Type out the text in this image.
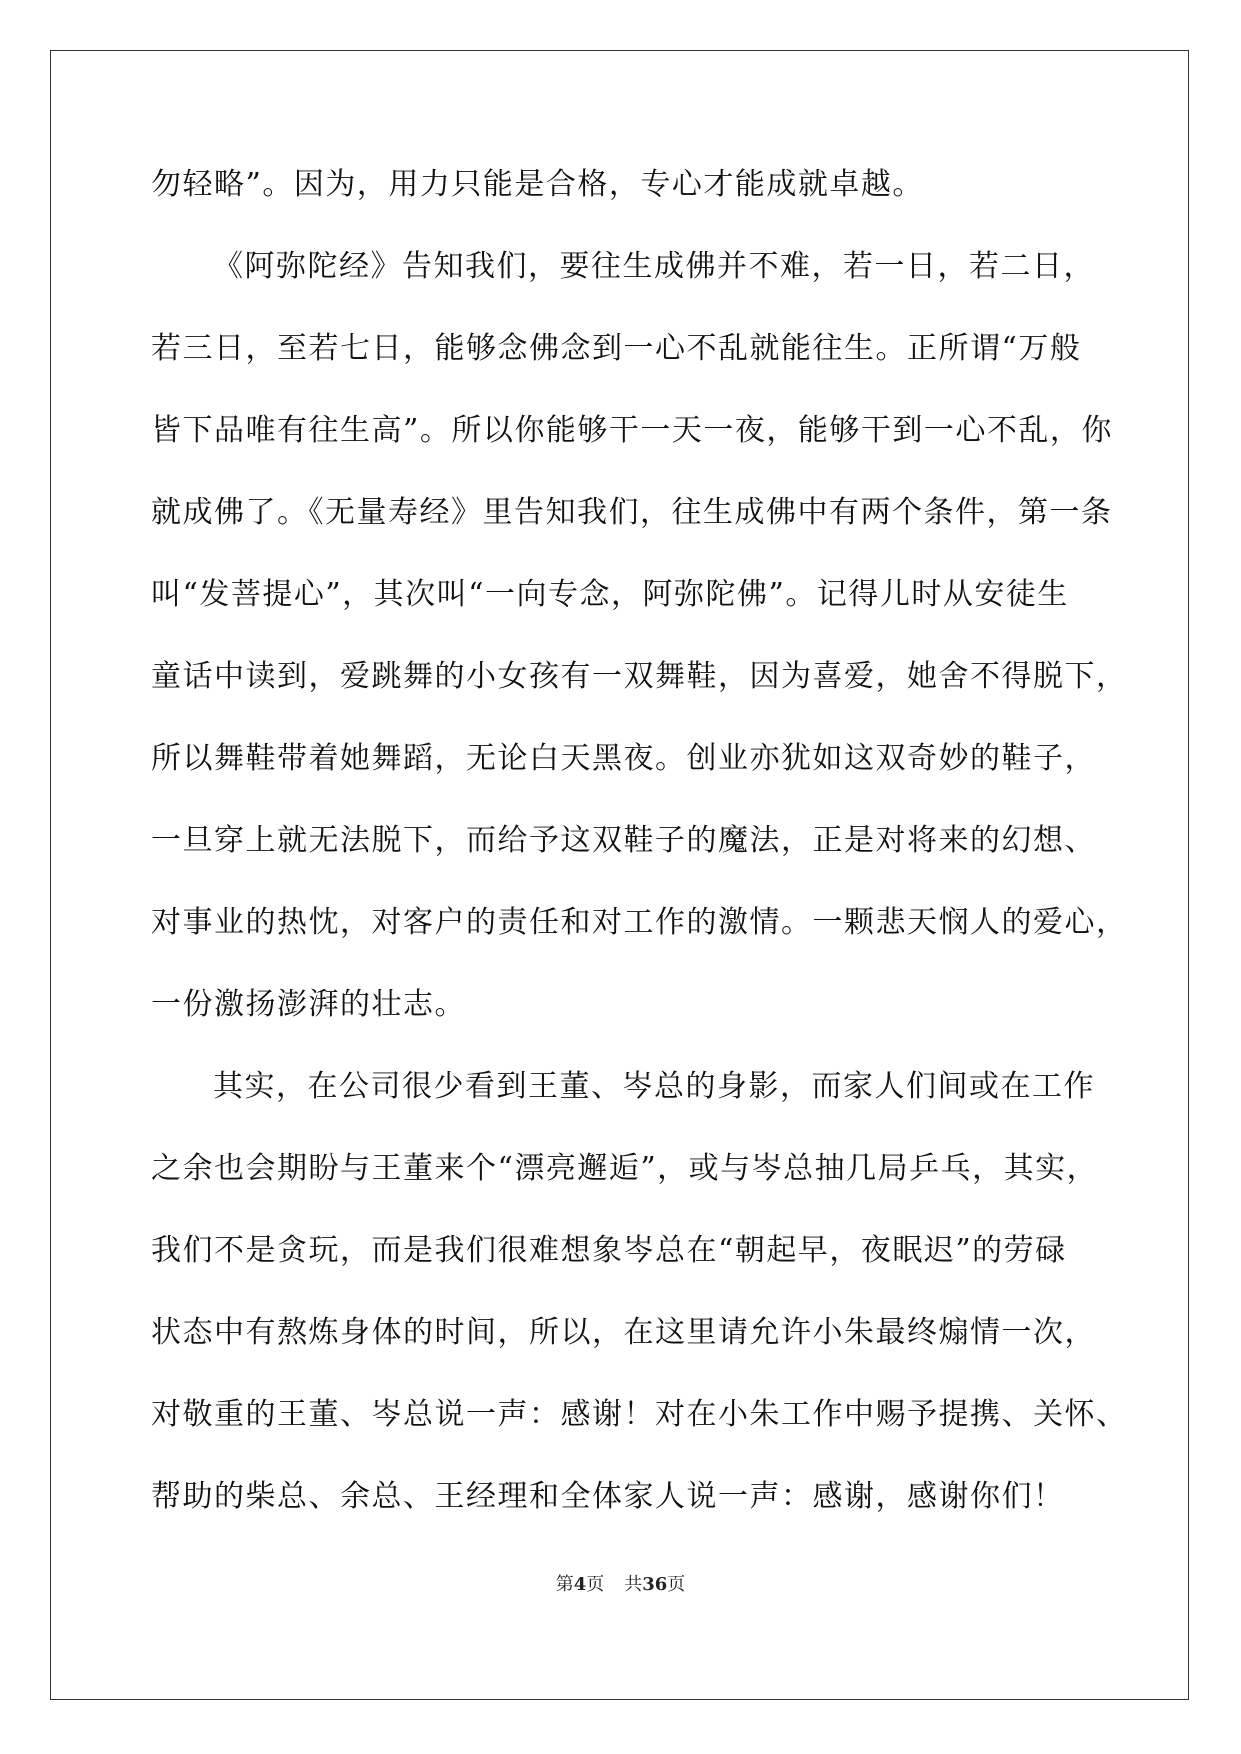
勿轻略”。因为，用力只能是合格，专心才能成就卓越。
《阿弥陀经》告知我们，要往生成佛并不难，若一日，若二日，
若三日，至若七日，能够念佛念到一心不乱就能往生。正所谓“万般
皆下品唯有往生高”。所以你能够干一天一夜，能够干到一心不乱，你
就成佛了。《无量寿经》里告知我们，往生成佛中有两个条件，第一条
叫“发菩提心”，其次叫“一向专念，阿弥陀佛”。记得儿时从安徒生
童话中读到，爱跳舞的小女孩有一双舞鞋，因为喜爱，她舍不得脱下，
所以舞鞋带着她舞蹈，无论白天黑夜。创业亦犹如这双奇妙的鞋子，
一旦穿上就无法脱下，而给予这双鞋子的魔法，正是对将来的幻想、
对事业的热忱，对客户的责任和对工作的激情。一颗悲天悯人的爱心，
一份激扬澎湃的壮志。
其实，在公司很少看到王董、岑总的身影，而家人们间或在工作
之余也会期盼与王董来个“漂亮邂逅”，或与岑总抽几局乒乓，其实，
我们不是贪玩，而是我们很难想象岑总在“朝起早，夜眠迟”的劳碌
状态中有熬炼身体的时间，所以，在这里请允许小朱最终煽情一次，
对敬重的王董、岑总说一声：感谢！对在小朱工作中赐予提携、关怀、
帮助的柴总、余总、王经理和全体家人说一声：感谢，感谢你们！
第4页 共36页
